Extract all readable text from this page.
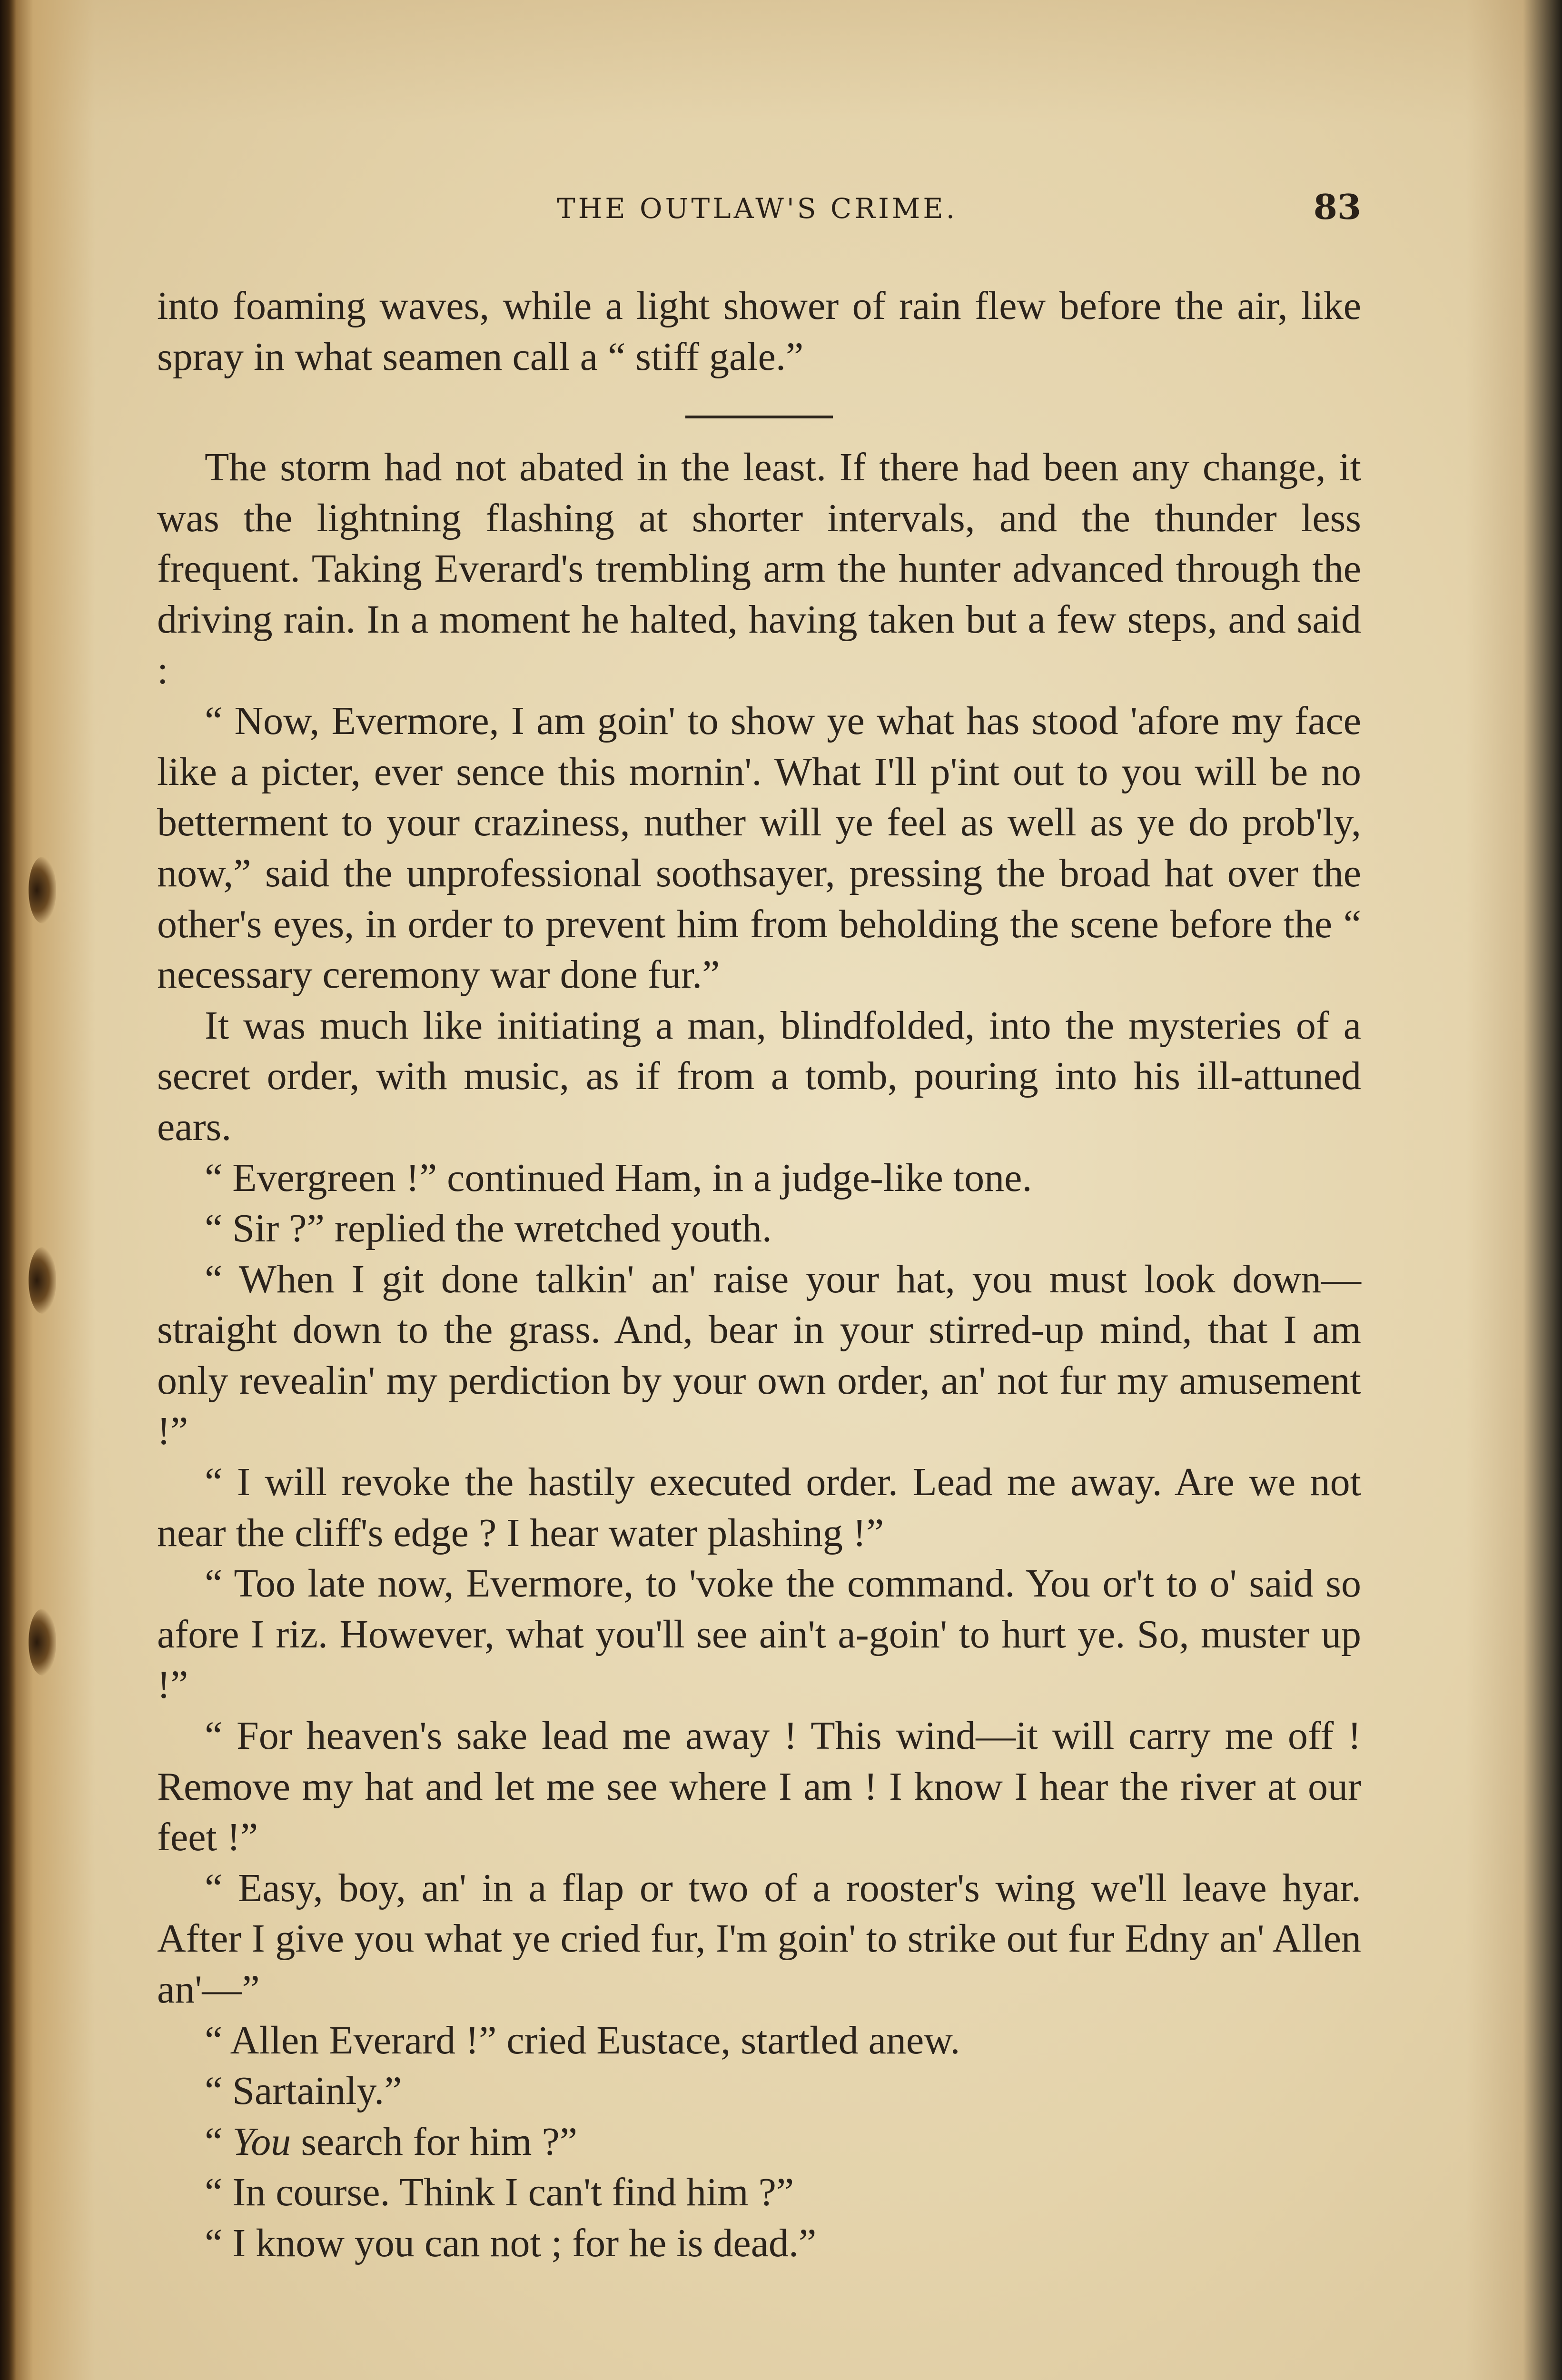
THE OUTLAW'S CRIME.	83

into foaming waves, while a light shower of rain flew before the air, like spray in what seamen call a “ stiff gale.”

The storm had not abated in the least. If there had been any change, it was the lightning flashing at shorter intervals, and the thunder less frequent. Taking Everard's trembling arm the hunter advanced through the driving rain. In a moment he halted, having taken but a few steps, and said :

“ Now, Evermore, I am goin' to show ye what has stood 'afore my face like a picter, ever sence this mornin'. What I'll p'int out to you will be no betterment to your craziness, nuther will ye feel as well as ye do prob'ly, now,” said the unprofessional soothsayer, pressing the broad hat over the other's eyes, in order to prevent him from beholding the scene before the “ necessary ceremony war done fur.”

It was much like initiating a man, blindfolded, into the mysteries of a secret order, with music, as if from a tomb, pouring into his ill-attuned ears.

“ Evergreen !” continued Ham, in a judge-like tone.

“ Sir ?” replied the wretched youth.

“ When I git done talkin' an' raise your hat, you must look down—straight down to the grass. And, bear in your stirred-up mind, that I am only revealin' my perdiction by your own order, an' not fur my amusement !”

“ I will revoke the hastily executed order. Lead me away. Are we not near the cliff's edge ? I hear water plashing !”

“ Too late now, Evermore, to 'voke the command. You or't to o' said so afore I riz. However, what you'll see ain't a-goin' to hurt ye. So, muster up !”

“ For heaven's sake lead me away ! This wind—it will carry me off ! Remove my hat and let me see where I am ! I know I hear the river at our feet !”

“ Easy, boy, an' in a flap or two of a rooster's wing we'll leave hyar. After I give you what ye cried fur, I'm goin' to strike out fur Edny an' Allen an'—”

“ Allen Everard !” cried Eustace, startled anew.

“ Sartainly.”

“ You search for him ?”

“ In course. Think I can't find him ?”

“ I know you can not ; for he is dead.”
